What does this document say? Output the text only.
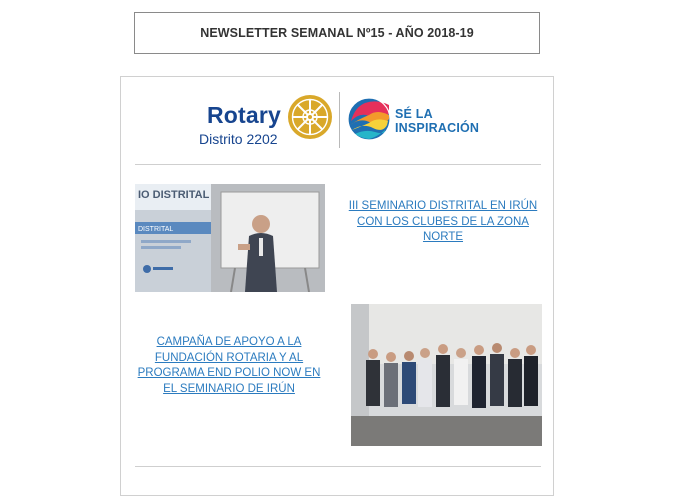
NEWSLETTER SEMANAL Nº15 - AÑO 2018-19
Rotary
Distrito 2202
SÉ LA
INSPIRACIÓN
IO DISTRITAL
DISTRITAL
III SEMINARIO DISTRITAL EN IRÚN CON LOS CLUBES DE LA ZONA NORTE
CAMPAÑA DE APOYO A LA FUNDACIÓN ROTARIA Y AL PROGRAMA END POLIO NOW EN EL SEMINARIO DE IRÚN
